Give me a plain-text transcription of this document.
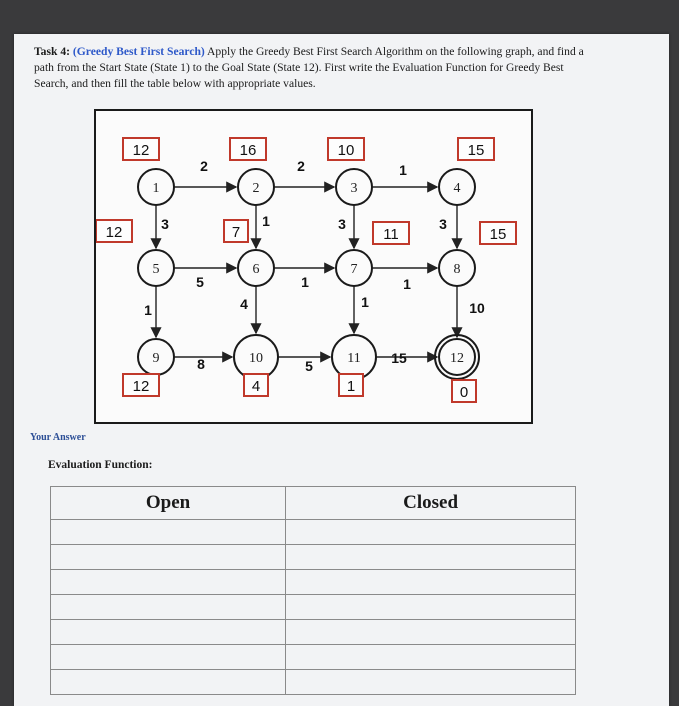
Task 4: (Greedy Best First Search) Apply the Greedy Best First Search Algorithm on the following graph, and find a path from the Start State (State 1) to the Goal State (State 12). First write the Evaluation Function for Greedy Best Search, and then fill the table below with appropriate values.
2	2	1
3	1	3	3
5	1	1
1	4	1	10
8	5	15
1
12
2
16
3
10
4
15
5
12
6
7
7
11
8
15
9
12
10
4
11
1
12
0
Your Answer
Evaluation Function:
Open	Closed
